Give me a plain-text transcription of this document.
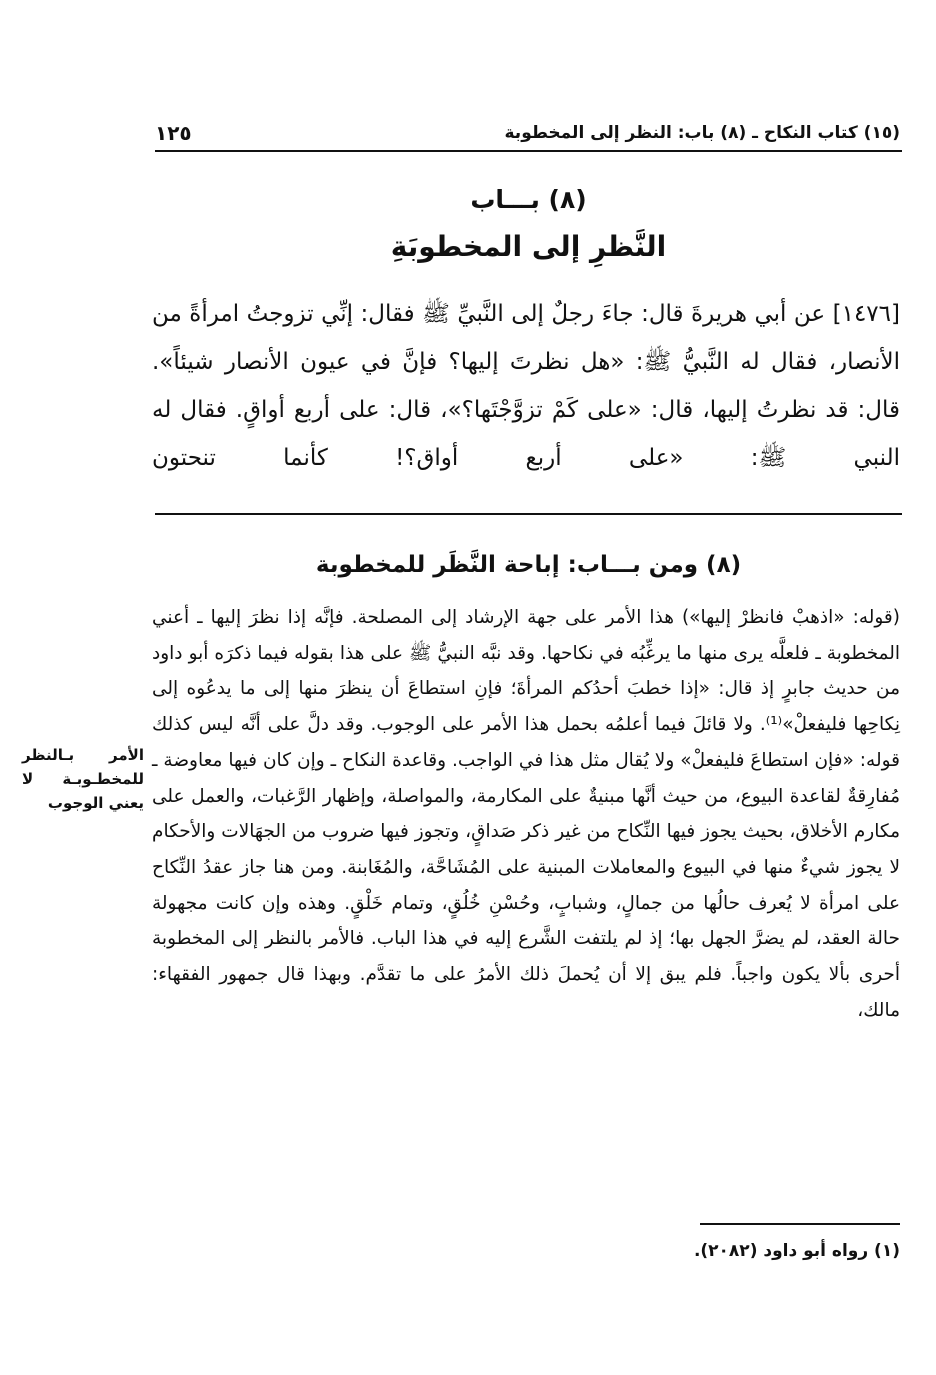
(١٥) كتاب النكاح ـ (٨) باب: النظر إلى المخطوبة
١٢٥
(٨) بـــاب
النَّظرِ إلى المخطوبَةِ

[١٤٧٦] عن أبي هريرةَ قال: جاءَ رجلٌ إلى النَّبيِّ ﷺ فقال: إنِّي تزوجتُ امرأةً من الأنصار، فقال له النَّبيُّ ﷺ: «هل نظرتَ إليها؟ فإنَّ في عيون الأنصار شيئاً». قال: قد نظرتُ إليها، قال: «على كَمْ تزوَّجْتَها؟»، قال: على أربع أواقٍ. فقال له النبي ﷺ: «على أربع أواق؟! كأنما تنحتون

(٨) ومن بـــاب: إباحة النَّظَر للمخطوبة

(قوله: «اذهبْ فانظرْ إليها») هذا الأمر على جهة الإرشاد إلى المصلحة. فإنَّه إذا نظرَ إليها ـ أعني المخطوبة ـ فلعلَّه يرى منها ما يرغِّبُه في نكاحها. وقد نبَّه النبيُّ ﷺ على هذا بقوله فيما ذكرَه أبو داود من حديث جابرٍ إذ قال: «إذا خطبَ أحدُكم المرأةَ؛ فإنِ استطاعَ أن ينظرَ منها إلى ما يدعُوه إلى نِكاحِها فليفعلْ»⁽¹⁾. ولا قائلَ فيما أعلمُه بحمل هذا الأمر على الوجوب. وقد دلَّ على أنَّه ليس كذلك قوله: «فإن استطاعَ فليفعلْ» ولا يُقال مثل هذا في الواجب. وقاعدة النكاح ـ وإن كان فيها معاوضة ـ مُفارِقةٌ لقاعدة البيوع، من حيث أنَّها مبنيةٌ على المكارمة، والمواصلة، وإظهار الرَّغبات، والعمل على مكارم الأخلاق، بحيث يجوز فيها النِّكاح من غير ذكر صَداقٍ، وتجوز فيها ضروب من الجهَالات والأحكام لا يجوز شيءٌ منها في البيوع والمعاملات المبنية على المُشَاحَّة، والمُغَابنة. ومن هنا جاز عقدُ النِّكاح على امرأة لا يُعرف حالُها من جمالٍ، وشبابٍ، وحُسْنِ خُلُقٍ، وتمام خَلْقٍ. وهذه وإن كانت مجهولة حالة العقد، لم يضرَّ الجهل بها؛ إذ لم يلتفت الشَّرع إليه في هذا الباب. فالأمر بالنظر إلى المخطوبة أحرى بألا يكون واجباً. فلم يبق إلا أن يُحملَ ذلك الأمرُ على ما تقدَّم. وبهذا قال جمهور الفقهاء: مالك،

الأمر بـالنظر للمخطـوبـة لا يعني الوجوب
(١) رواه أبو داود (٢٠٨٢).
